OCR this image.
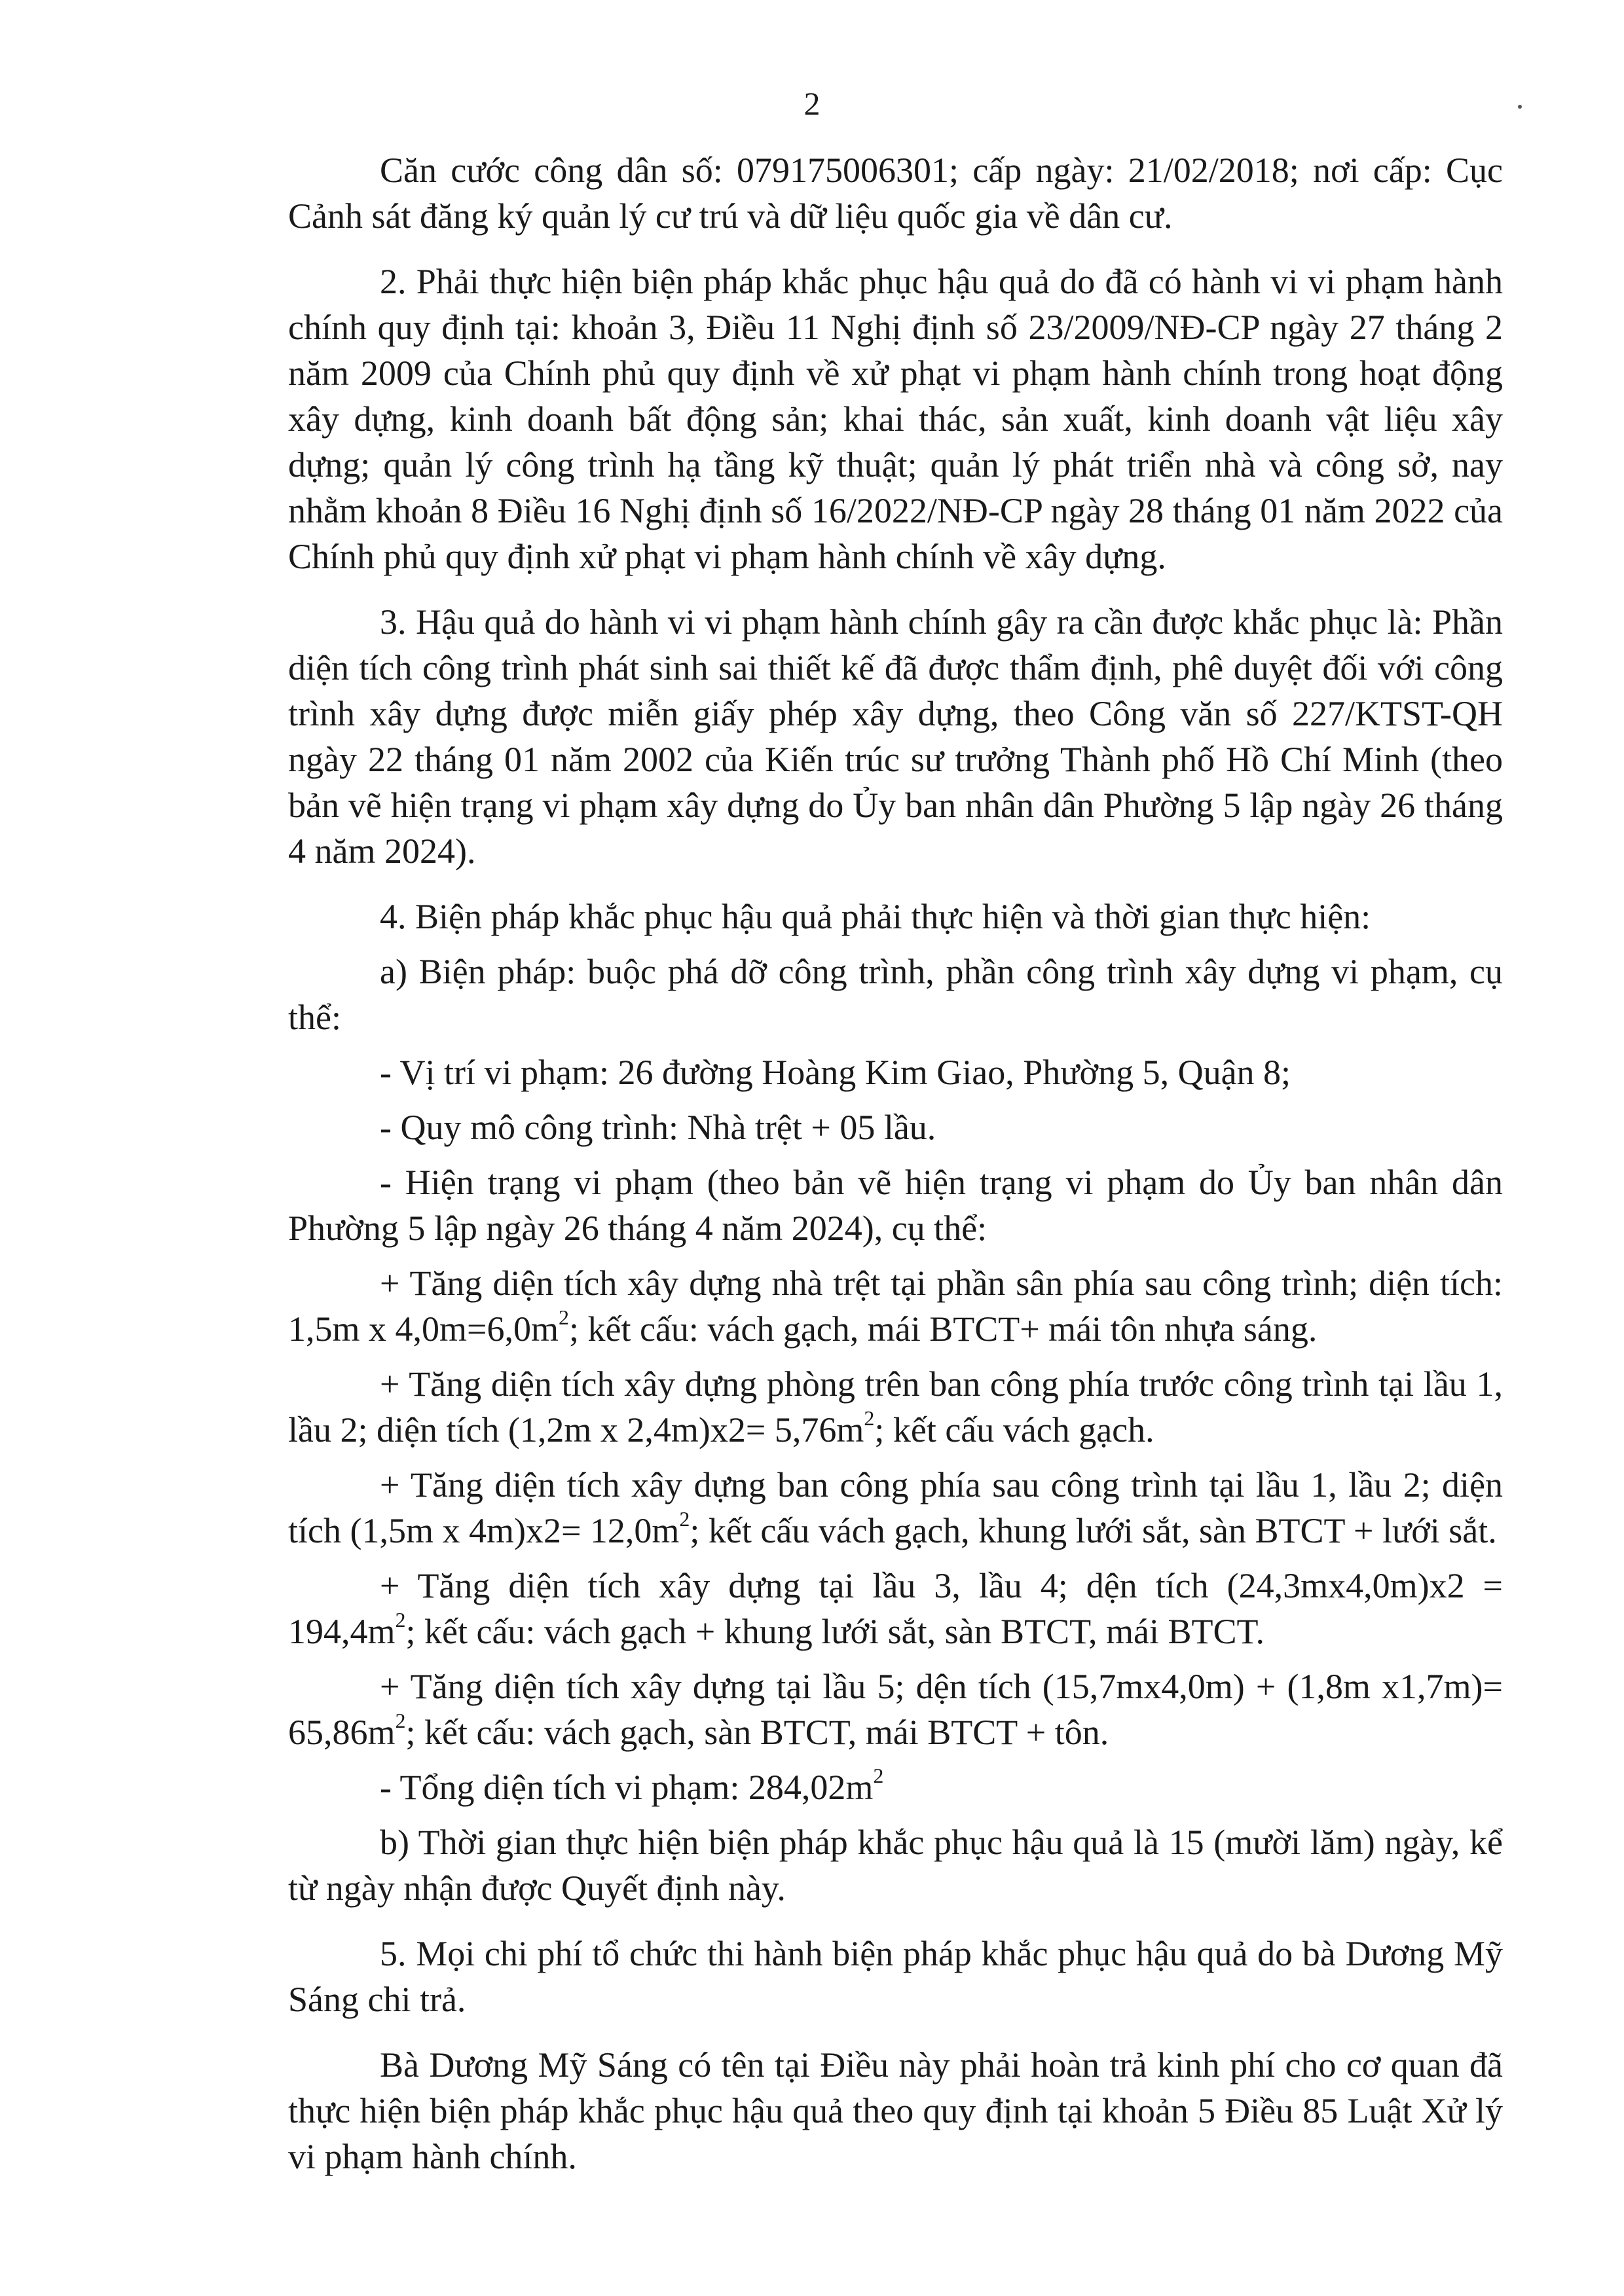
2

Căn cước công dân số: 079175006301; cấp ngày: 21/02/2018; nơi cấp: Cục Cảnh sát đăng ký quản lý cư trú và dữ liệu quốc gia về dân cư.

2. Phải thực hiện biện pháp khắc phục hậu quả do đã có hành vi vi phạm hành chính quy định tại: khoản 3, Điều 11 Nghị định số 23/2009/NĐ-CP ngày 27 tháng 2 năm 2009 của Chính phủ quy định về xử phạt vi phạm hành chính trong hoạt động xây dựng, kinh doanh bất động sản; khai thác, sản xuất, kinh doanh vật liệu xây dựng; quản lý công trình hạ tầng kỹ thuật; quản lý phát triển nhà và công sở, nay nhằm khoản 8 Điều 16 Nghị định số 16/2022/NĐ-CP ngày 28 tháng 01 năm 2022 của Chính phủ quy định xử phạt vi phạm hành chính về xây dựng.

3. Hậu quả do hành vi vi phạm hành chính gây ra cần được khắc phục là: Phần diện tích công trình phát sinh sai thiết kế đã được thẩm định, phê duyệt đối với công trình xây dựng được miễn giấy phép xây dựng, theo Công văn số 227/KTST-QH ngày 22 tháng 01 năm 2002 của Kiến trúc sư trưởng Thành phố Hồ Chí Minh (theo bản vẽ hiện trạng vi phạm xây dựng do Ủy ban nhân dân Phường 5 lập ngày 26 tháng 4 năm 2024).

4. Biện pháp khắc phục hậu quả phải thực hiện và thời gian thực hiện:

a) Biện pháp: buộc phá dỡ công trình, phần công trình xây dựng vi phạm, cụ thể:

- Vị trí vi phạm: 26 đường Hoàng Kim Giao, Phường 5, Quận 8;

- Quy mô công trình: Nhà trệt + 05 lầu.

- Hiện trạng vi phạm (theo bản vẽ hiện trạng vi phạm do Ủy ban nhân dân Phường 5 lập ngày 26 tháng 4 năm 2024), cụ thể:

+ Tăng diện tích xây dựng nhà trệt tại phần sân phía sau công trình; diện tích: 1,5m x $4,0m=6,0m^2$; kết cấu: vách gạch, mái BTCT+ mái tôn nhựa sáng.

+ Tăng diện tích xây dựng phòng trên ban công phía trước công trình tại lầu 1, lầu 2; diện tích (1,2m x $2,4m)x2= 5,76m^2$; kết cấu vách gạch.

+ Tăng diện tích xây dựng ban công phía sau công trình tại lầu 1, lầu 2; diện tích (1,5m x $4m)x2= 12,0m^2$; kết cấu vách gạch, khung lưới sắt, sàn BTCT + lưới sắt.

+ Tăng diện tích xây dựng tại lầu 3, lầu 4; dện tích $(24,3mx4,0m)x2 = 194,4m^2$; kết cấu: vách gạch + khung lưới sắt, sàn BTCT, mái BTCT.

+ Tăng diện tích xây dựng tại lầu 5; dện tích (15,7mx4,0m) + (1,8m $x1,7m)= 65,86m^2$; kết cấu: vách gạch, sàn BTCT, mái BTCT + tôn.

- Tổng diện tích vi phạm: $284,02m^2$

b) Thời gian thực hiện biện pháp khắc phục hậu quả là 15 (mười lăm) ngày, kể từ ngày nhận được Quyết định này.

5. Mọi chi phí tổ chức thi hành biện pháp khắc phục hậu quả do bà Dương Mỹ Sáng chi trả.

Bà Dương Mỹ Sáng có tên tại Điều này phải hoàn trả kinh phí cho cơ quan đã thực hiện biện pháp khắc phục hậu quả theo quy định tại khoản 5 Điều 85 Luật Xử lý vi phạm hành chính.
